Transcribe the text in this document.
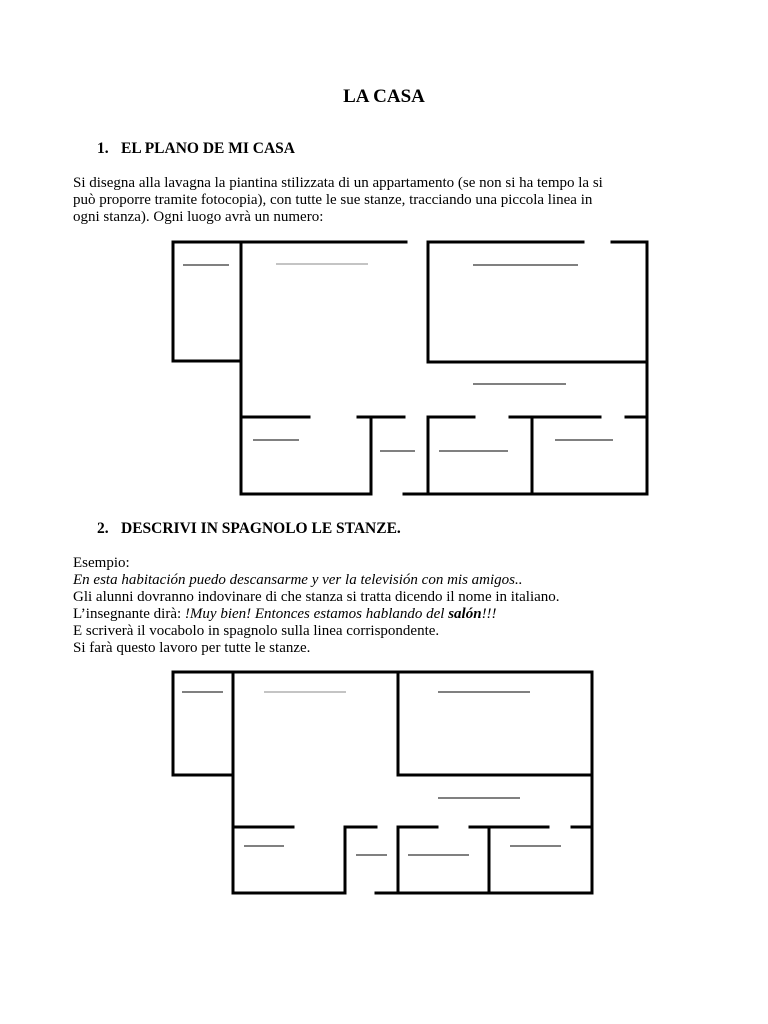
LA CASA
1. EL PLANO DE MI CASA
Si disegna alla lavagna la piantina stilizzata di un appartamento (se non si ha tempo la si
può proporre tramite fotocopia), con tutte le sue stanze, tracciando una piccola linea in
ogni stanza). Ogni luogo avrà un numero:
2. DESCRIVI IN SPAGNOLO LE STANZE.
Esempio:
En esta habitación puedo descansarme y ver la televisión con mis amigos..
Gli alunni dovranno indovinare di che stanza si tratta dicendo il nome in italiano.
L’insegnante dirà: !Muy bien! Entonces estamos hablando del salón!!!
E scriverà il vocabolo in spagnolo sulla linea corrispondente.
Si farà questo lavoro per tutte le stanze.
